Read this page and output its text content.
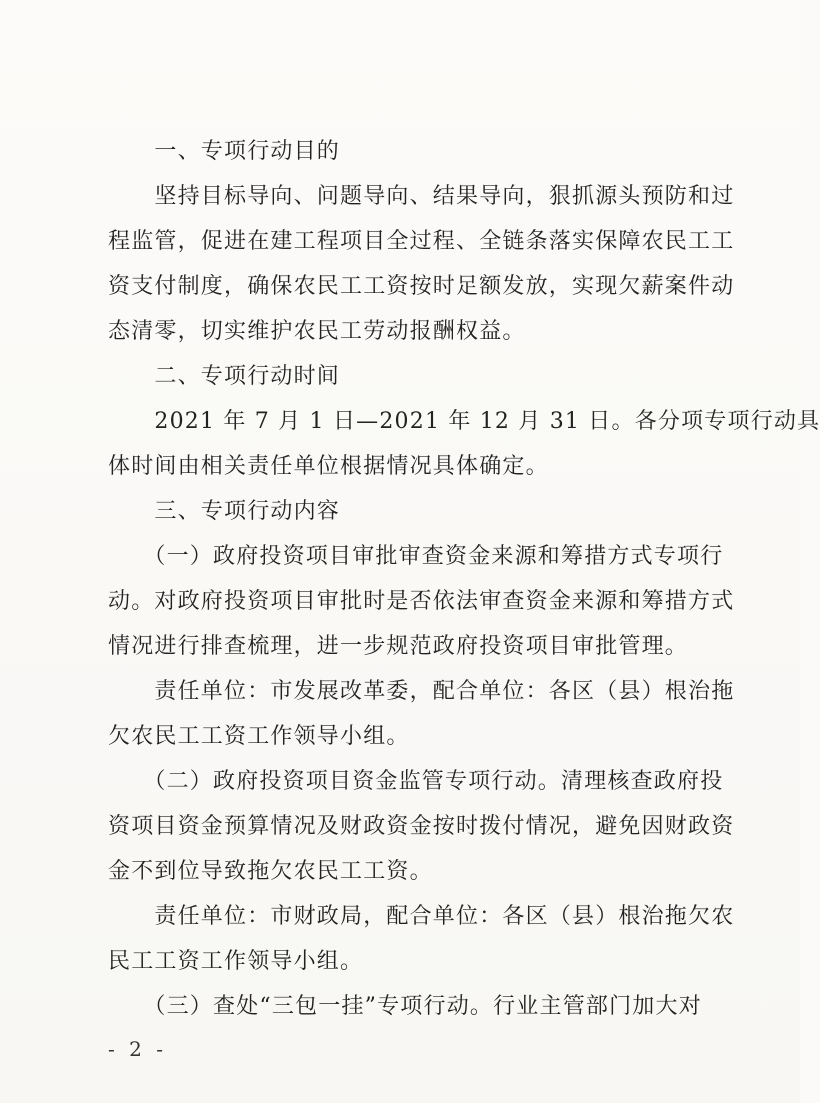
　　一、专项行动目的
　　坚持目标导向、问题导向、结果导向，狠抓源头预防和过
程监管，促进在建工程项目全过程、全链条落实保障农民工工
资支付制度，确保农民工工资按时足额发放，实现欠薪案件动
态清零，切实维护农民工劳动报酬权益。
　　二、专项行动时间
　　2021 年 7 月 1 日—2021 年 12 月 31 日。各分项专项行动具
体时间由相关责任单位根据情况具体确定。
　　三、专项行动内容
　　（一）政府投资项目审批审查资金来源和筹措方式专项行
动。对政府投资项目审批时是否依法审查资金来源和筹措方式
情况进行排查梳理，进一步规范政府投资项目审批管理。
　　责任单位：市发展改革委，配合单位：各区（县）根治拖
欠农民工工资工作领导小组。
　　（二）政府投资项目资金监管专项行动。清理核查政府投
资项目资金预算情况及财政资金按时拨付情况，避免因财政资
金不到位导致拖欠农民工工资。
　　责任单位：市财政局，配合单位：各区（县）根治拖欠农
民工工资工作领导小组。
　　（三）查处“三包一挂”专项行动。行业主管部门加大对
- 2 -
